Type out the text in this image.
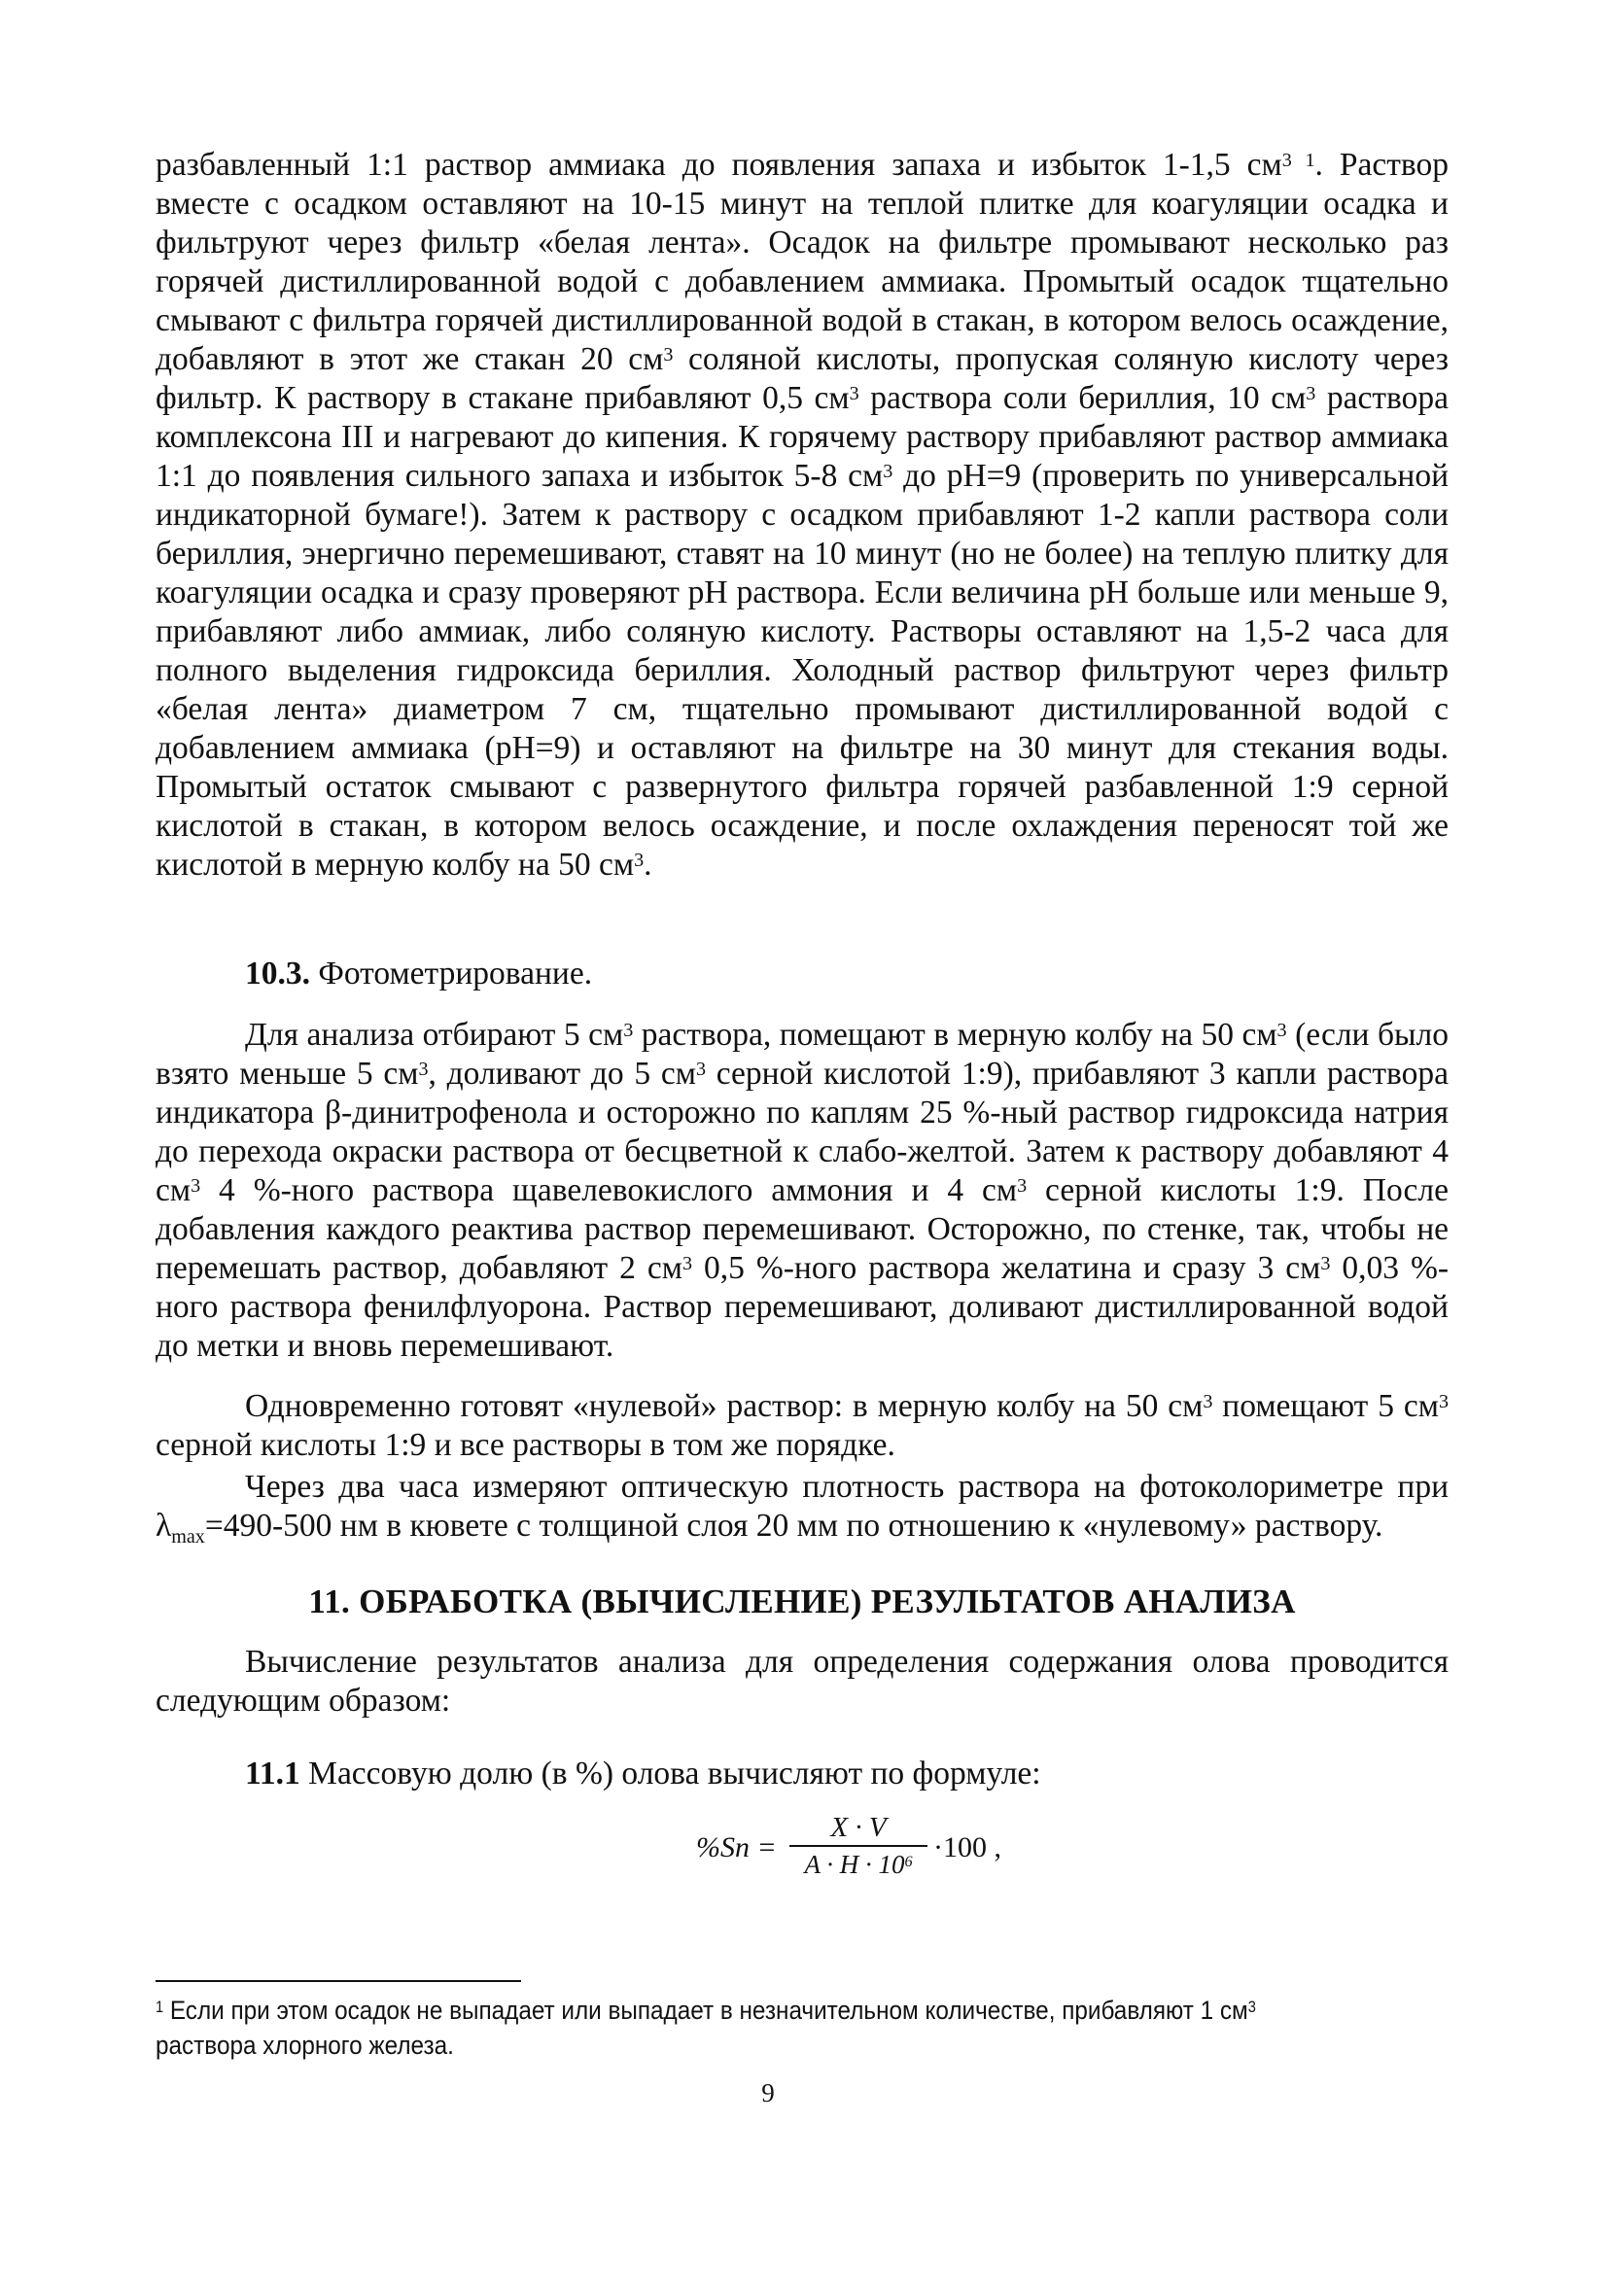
разбавленный 1:1 раствор аммиака до появления запаха и избыток 1-1,5 $см^{3 1}$. Раствор вместе с осадком оставляют на 10-15 минут на теплой плитке для коагуляции осадка и фильтруют через фильтр «белая лента». Осадок на фильтре промывают несколько раз горячей дистиллированной водой с добавлением аммиака. Промытый осадок тщательно смывают с фильтра горячей дистиллированной водой в стакан, в котором велось осаждение, добавляют в этот же стакан 20 $см^3$ соляной кислоты, пропуская соляную кислоту через фильтр. К раствору в стакане прибавляют 0,5 $см^3$ раствора соли бериллия, 10 $см^3$ раствора комплексона III и нагревают до кипения. К горячему раствору прибавляют раствор аммиака 1:1 до появления сильного запаха и избыток 5-8 $см^3$ до pH=9 (проверить по универсальной индикаторной бумаге!). Затем к раствору с осадком прибавляют 1-2 капли раствора соли бериллия, энергично перемешивают, ставят на 10 минут (но не более) на теплую плитку для коагуляции осадка и сразу проверяют pH раствора. Если величина pH больше или меньше 9, прибавляют либо аммиак, либо соляную кислоту. Растворы оставляют на 1,5-2 часа для полного выделения гидроксида бериллия. Холодный раствор фильтруют через фильтр «белая лента» диаметром 7 см, тщательно промывают дистиллированной водой с добавлением аммиака (pH=9) и оставляют на фильтре на 30 минут для стекания воды. Промытый остаток смывают с развернутого фильтра горячей разбавленной 1:9 серной кислотой в стакан, в котором велось осаждение, и после охлаждения переносят той же кислотой в мерную колбу на 50 $см^3$.

10.3. Фотометрирование.

Для анализа отбирают 5 $см^3$ раствора, помещают в мерную колбу на 50 $см^3$ (если было взято меньше 5 $см^3$, доливают до 5 $см^3$ серной кислотой 1:9), прибавляют 3 капли раствора индикатора β-динитрофенола и осторожно по каплям 25 %-ный раствор гидроксида натрия до перехода окраски раствора от бесцветной к слабо-желтой. Затем к раствору добавляют 4 $см^3$ 4 %-ного раствора щавелевокислого аммония и 4 $см^3$ серной кислоты 1:9. После добавления каждого реактива раствор перемешивают. Осторожно, по стенке, так, чтобы не перемешать раствор, добавляют 2 $см^3$ 0,5 %-ного раствора желатина и сразу 3 $см^3$ 0,03 %-ного раствора фенилфлуорона. Раствор перемешивают, доливают дистиллированной водой до метки и вновь перемешивают.

Одновременно готовят «нулевой» раствор: в мерную колбу на 50 $см^3$ помещают 5 $см^3$ серной кислоты 1:9 и все растворы в том же порядке.

Через два часа измеряют оптическую плотность раствора на фотоколориметре при $\lambda_{max}=490-500$ нм в кювете с толщиной слоя 20 мм по отношению к «нулевому» раствору.

11. ОБРАБОТКА (ВЫЧИСЛЕНИЕ) РЕЗУЛЬТАТОВ АНАЛИЗА

Вычисление результатов анализа для определения содержания олова проводится следующим образом:

11.1 Массовую долю (в %) олова вычисляют по формуле:

%Sn =
X · V
$A \cdot H \cdot 10^6 \cdot 100$ ,
$^1$ Если при этом осадок не выпадает или выпадает в незначительном количестве, прибавляют 1 $см^3$
раствора хлорного железа.
9
